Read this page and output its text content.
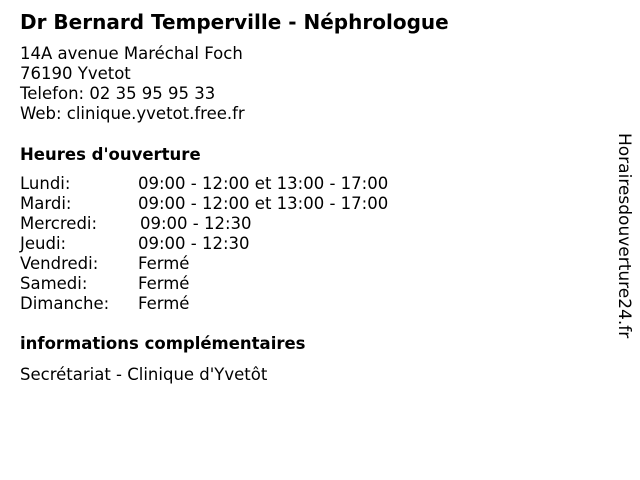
Dr Bernard Temperville - Néphrologue
14A avenue Maréchal Foch
76190 Yvetot
Telefon: 02 35 95 95 33
Web: clinique.yvetot.free.fr
Heures d'ouverture
Lundi:	09:00 - 12:00 et 13:00 - 17:00
Mardi:	09:00 - 12:00 et 13:00 - 17:00
Mercredi:	09:00 - 12:30
Jeudi:	09:00 - 12:30
Vendredi: Fermé
Samedi:	Fermé
Dimanche: Fermé
informations complémentaires
Secrétariat - Clinique d'Yvetôt
Horairesdouverture24.fr
